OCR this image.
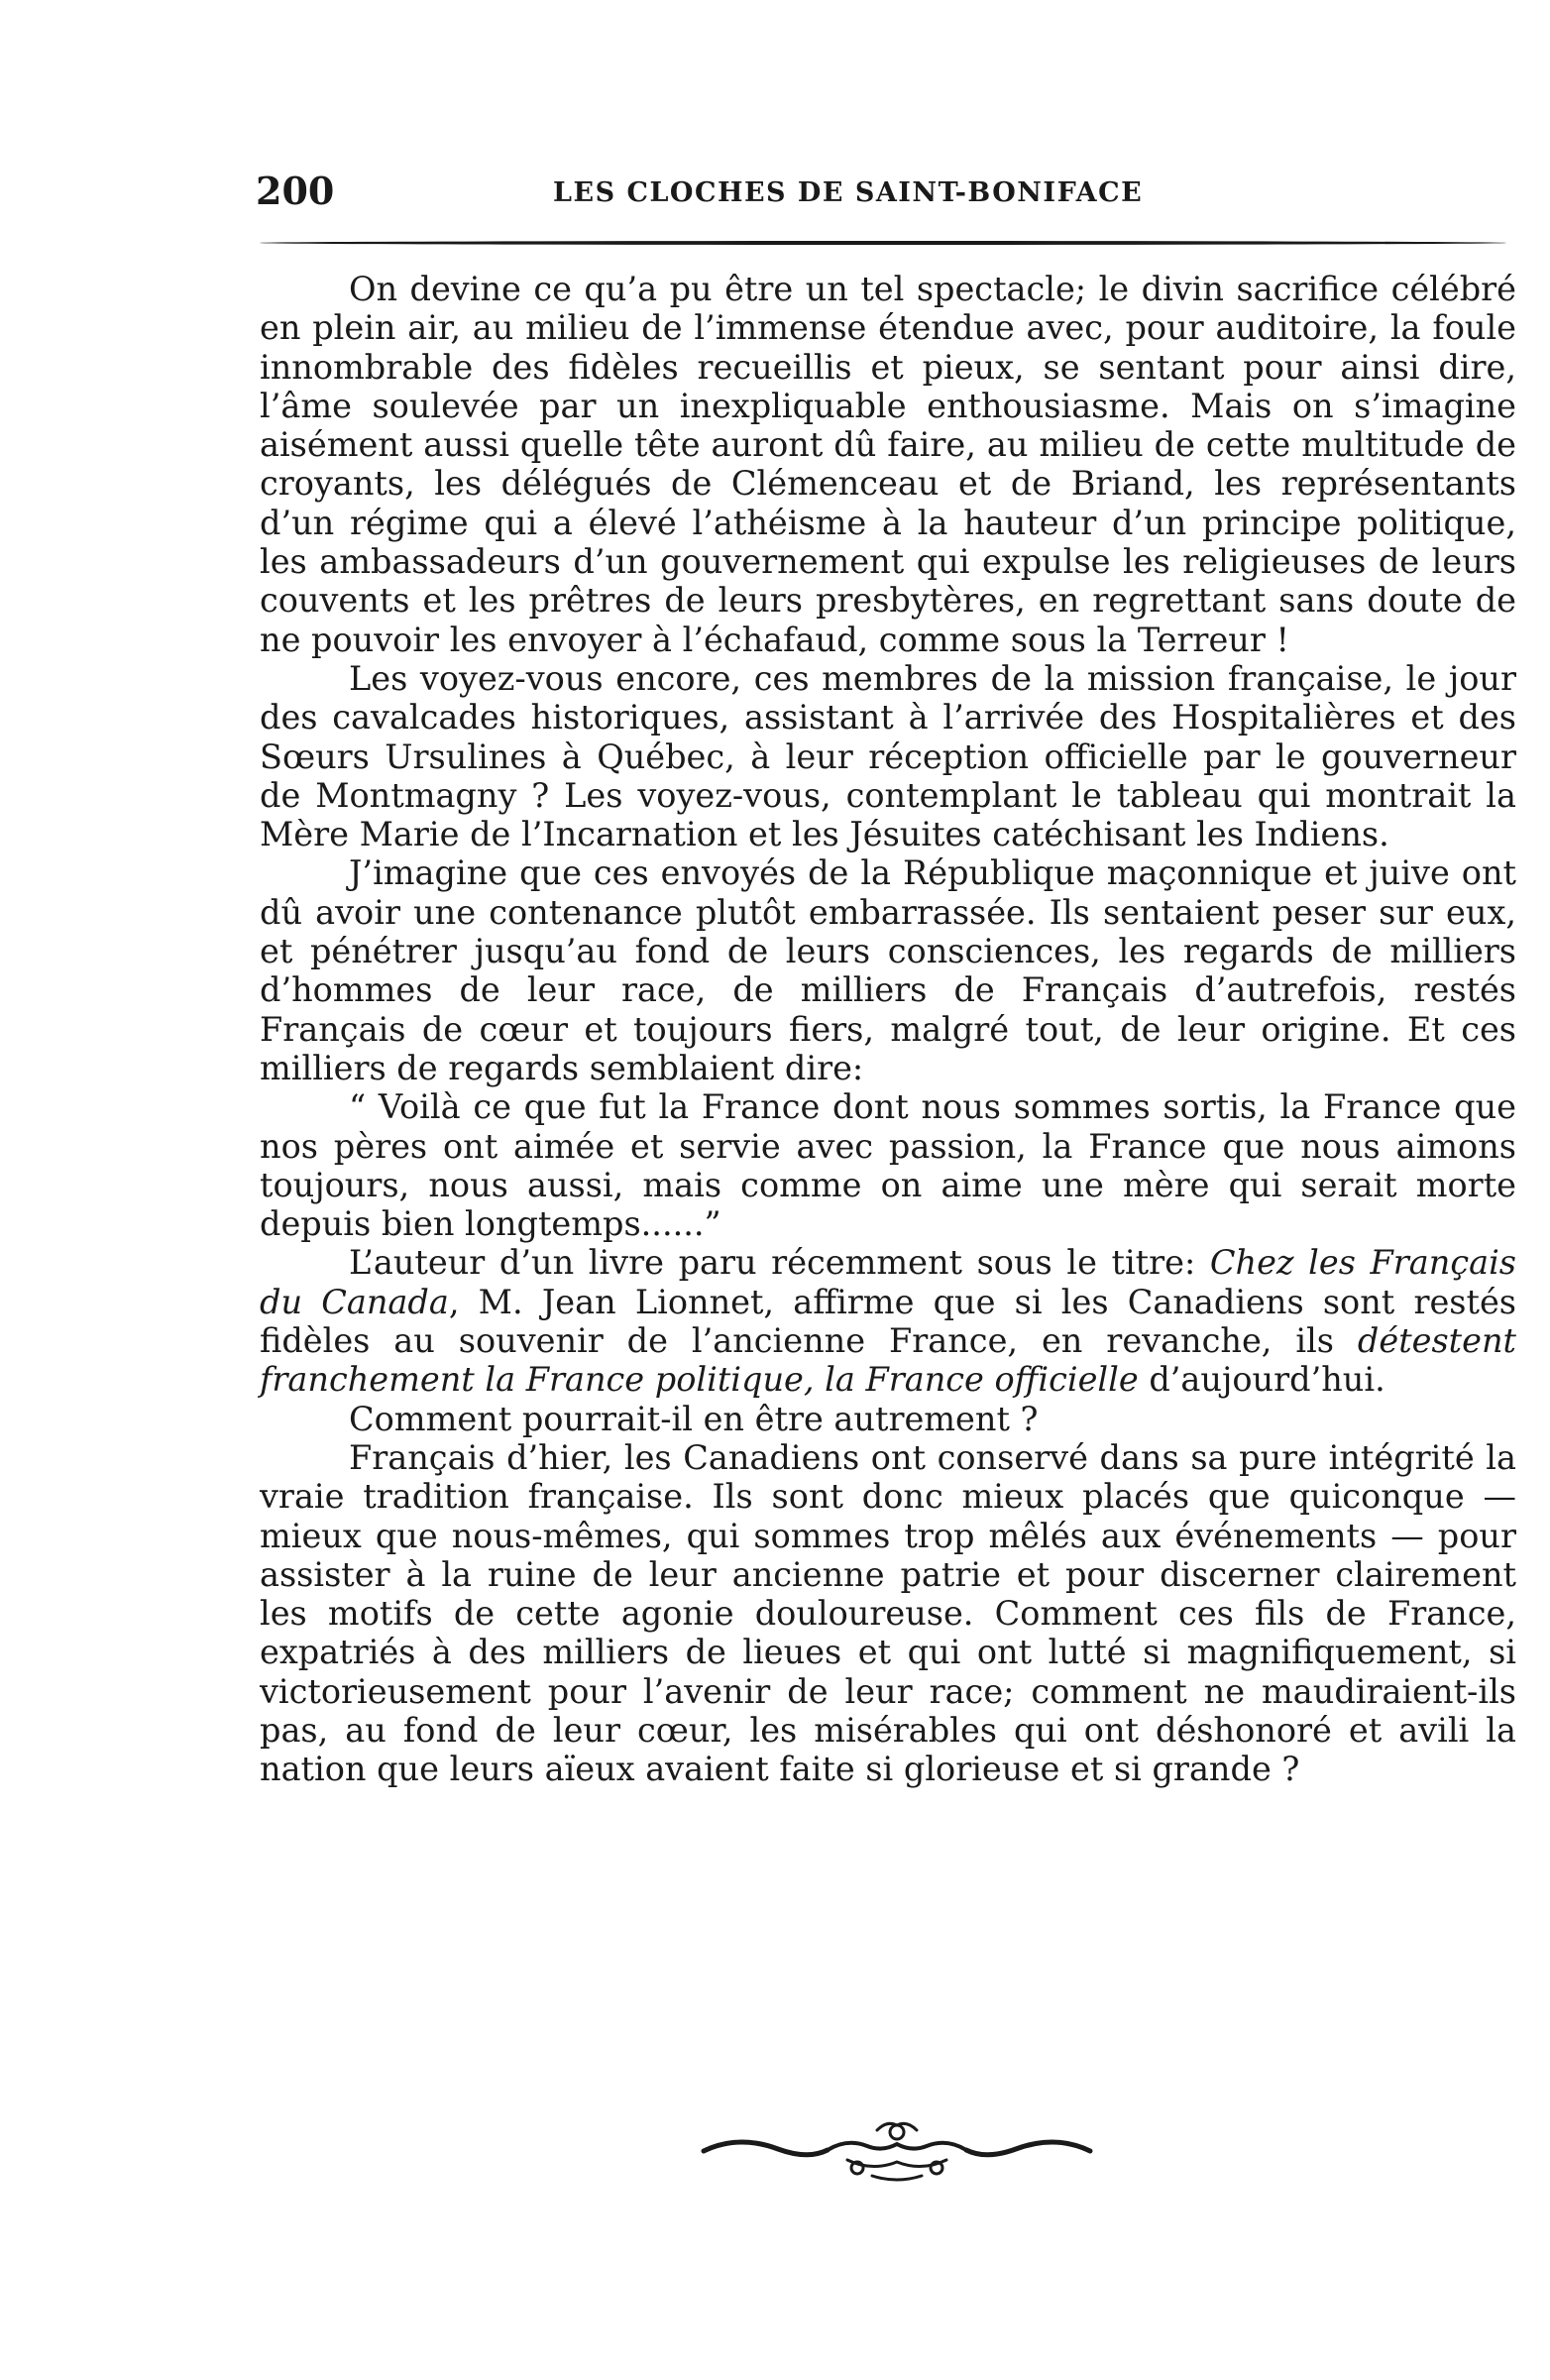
200	LES CLOCHES DE SAINT-BONIFACE

On devine ce qu’a pu être un tel spectacle; le divin sacrifice célébré en plein air, au milieu de l’immense étendue avec, pour auditoire, la foule innombrable des fidèles recueillis et pieux, se sentant pour ainsi dire, l’âme soulevée par un inexpliquable enthousiasme. Mais on s’imagine aisément aussi quelle tête auront dû faire, au milieu de cette multitude de croyants, les délégués de Clémenceau et de Briand, les représentants d’un régime qui a élevé l’athéisme à la hauteur d’un principe politique, les ambassadeurs d’un gouvernement qui expulse les religieuses de leurs couvents et les prêtres de leurs presbytères, en regrettant sans doute de ne pouvoir les envoyer à l’échafaud, comme sous la Terreur !

Les voyez-vous encore, ces membres de la mission française, le jour des cavalcades historiques, assistant à l’arrivée des Hospitalières et des Sœurs Ursulines à Québec, à leur réception officielle par le gouverneur de Montmagny ? Les voyez-vous, contemplant le tableau qui montrait la Mère Marie de l’Incarnation et les Jésuites catéchisant les Indiens.

J’imagine que ces envoyés de la République maçonnique et juive ont dû avoir une contenance plutôt embarrassée. Ils sentaient peser sur eux, et pénétrer jusqu’au fond de leurs consciences, les regards de milliers d’hommes de leur race, de milliers de Français d’autrefois, restés Français de cœur et toujours fiers, malgré tout, de leur origine. Et ces milliers de regards semblaient dire:

“ Voilà ce que fut la France dont nous sommes sortis, la France que nos pères ont aimée et servie avec passion, la France que nous aimons toujours, nous aussi, mais comme on aime une mère qui serait morte depuis bien longtemps......”

L’auteur d’un livre paru récemment sous le titre: Chez les Français du Canada, M. Jean Lionnet, affirme que si les Canadiens sont restés fidèles au souvenir de l’ancienne France, en revanche, ils détestent franchement la France politique, la France officielle d’aujourd’hui.

Comment pourrait-il en être autrement ?

Français d’hier, les Canadiens ont conservé dans sa pure intégrité la vraie tradition française. Ils sont donc mieux placés que quiconque — mieux que nous-mêmes, qui sommes trop mêlés aux événements — pour assister à la ruine de leur ancienne patrie et pour discerner clairement les motifs de cette agonie douloureuse. Comment ces fils de France, expatriés à des milliers de lieues et qui ont lutté si magnifiquement, si victorieusement pour l’avenir de leur race; comment ne maudiraient-ils pas, au fond de leur cœur, les misérables qui ont déshonoré et avili la nation que leurs aïeux avaient faite si glorieuse et si grande ?
